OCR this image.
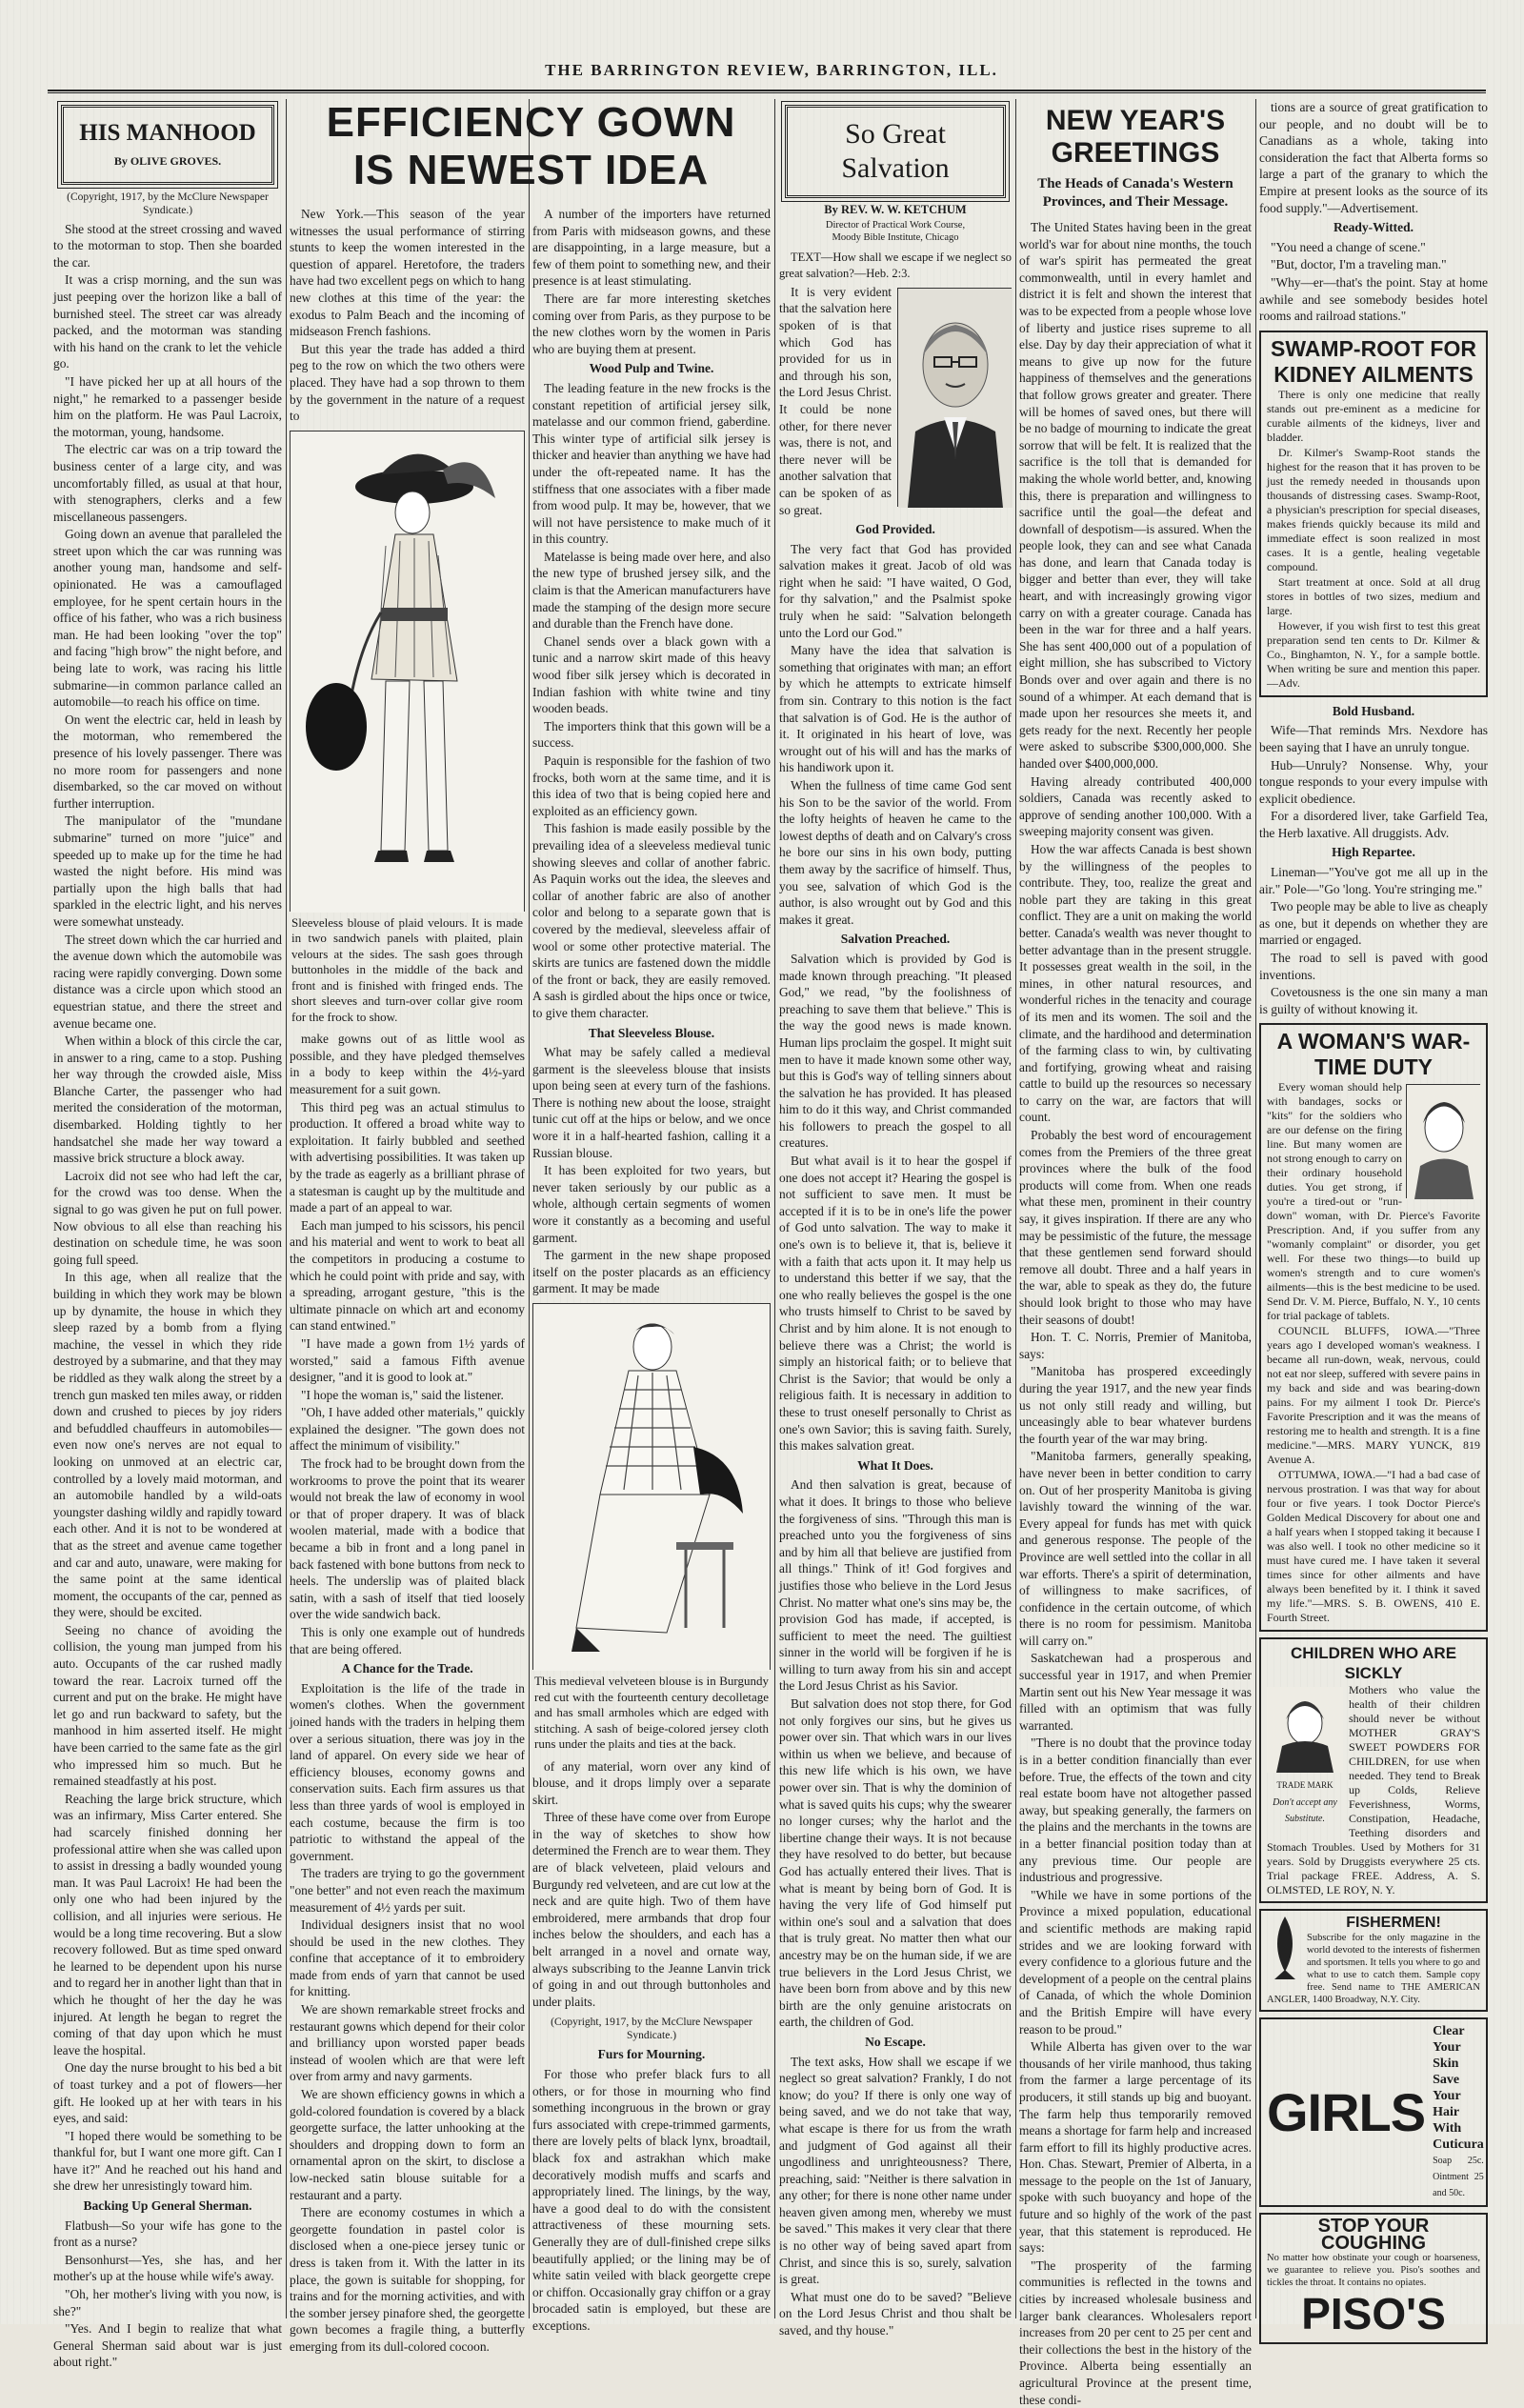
THE BARRINGTON REVIEW, BARRINGTON, ILL.
HIS MANHOOD
By OLIVE GROVES.
(Copyright, 1917, by the McClure Newspaper Syndicate.)

She stood at the street crossing and waved to the motorman to stop. Then she boarded the car.

It was a crisp morning, and the sun was just peeping over the horizon like a ball of burnished steel. The street car was already packed, and the motorman was standing with his hand on the crank to let the vehicle go.

"I have picked her up at all hours of the night," he remarked to a passenger beside him on the platform. He was Paul Lacroix, the motorman, young, handsome.

The electric car was on a trip toward the business center of a large city, and was uncomfortably filled, as usual at that hour, with stenographers, clerks and a few miscellaneous passengers.

Going down an avenue that paralleled the street upon which the car was running was another young man, handsome and self-opinionated. He was a camouflaged employee, for he spent certain hours in the office of his father, who was a rich business man. He had been looking "over the top" and facing "high brow" the night before, and being late to work, was racing his little submarine—in common parlance called an automobile—to reach his office on time.

On went the electric car, held in leash by the motorman, who remembered the presence of his lovely passenger. There was no more room for passengers and none disembarked, so the car moved on without further interruption.

The manipulator of the "mundane submarine" turned on more "juice" and speeded up to make up for the time he had wasted the night before. His mind was partially upon the high balls that had sparkled in the electric light, and his nerves were somewhat unsteady.

The street down which the car hurried and the avenue down which the automobile was racing were rapidly converging. Down some distance was a circle upon which stood an equestrian statue, and there the street and avenue became one.

When within a block of this circle the car, in answer to a ring, came to a stop. Pushing her way through the crowded aisle, Miss Blanche Carter, the passenger who had merited the consideration of the motorman, disembarked. Holding tightly to her handsatchel she made her way toward a massive brick structure a block away.

Lacroix did not see who had left the car, for the crowd was too dense. When the signal to go was given he put on full power. Now obvious to all else than reaching his destination on schedule time, he was soon going full speed.

In this age, when all realize that the building in which they work may be blown up by dynamite, the house in which they sleep razed by a bomb from a flying machine, the vessel in which they ride destroyed by a submarine, and that they may be riddled as they walk along the street by a trench gun masked ten miles away, or ridden down and crushed to pieces by joy riders and befuddled chauffeurs in automobiles—even now one's nerves are not equal to looking on unmoved at an electric car, controlled by a lovely maid motorman, and an automobile handled by a wild-oats youngster dashing wildly and rapidly toward each other. And it is not to be wondered at that as the street and avenue came together and car and auto, unaware, were making for the same point at the same identical moment, the occupants of the car, penned as they were, should be excited.

Seeing no chance of avoiding the collision, the young man jumped from his auto. Occupants of the car rushed madly toward the rear. Lacroix turned off the current and put on the brake. He might have let go and run backward to safety, but the manhood in him asserted itself. He might have been carried to the same fate as the girl who impressed him so much. But he remained steadfastly at his post.

Reaching the large brick structure, which was an infirmary, Miss Carter entered. She had scarcely finished donning her professional attire when she was called upon to assist in dressing a badly wounded young man. It was Paul Lacroix! He had been the only one who had been injured by the collision, and all injuries were serious. He would be a long time recovering. But a slow recovery followed. But as time sped onward he learned to be dependent upon his nurse and to regard her in another light than that in which he thought of her the day he was injured. At length he began to regret the coming of that day upon which he must leave the hospital.

One day the nurse brought to his bed a bit of toast turkey and a pot of flowers—her gift. He looked up at her with tears in his eyes, and said:

"I hoped there would be something to be thankful for, but I want one more gift. Can I have it?" And he reached out his hand and she drew her unresistingly toward him.

Backing Up General Sherman.

Flatbush—So your wife has gone to the front as a nurse?

Bensonhurst—Yes, she has, and her mother's up at the house while wife's away.

"Oh, her mother's living with you now, is she?"

"Yes. And I begin to realize that what General Sherman said about war is just about right."

EFFICIENCY GOWN
IS NEWEST IDEA

New York.—This season of the year witnesses the usual performance of stirring stunts to keep the women interested in the question of apparel. Heretofore, the traders have had two excellent pegs on which to hang new clothes at this time of the year: the exodus to Palm Beach and the incoming of midseason French fashions.

But this year the trade has added a third peg to the row on which the two others were placed. They have had a sop thrown to them by the government in the nature of a request to

Sleeveless blouse of plaid velours. It is made in two sandwich panels with plaited, plain velours at the sides. The sash goes through buttonholes in the middle of the back and front and is finished with fringed ends. The short sleeves and turn-over collar give room for the frock to show.

make gowns out of as little wool as possible, and they have pledged themselves in a body to keep within the 4½-yard measurement for a suit gown.

This third peg was an actual stimulus to production. It offered a broad white way to exploitation. It fairly bubbled and seethed with advertising possibilities. It was taken up by the trade as eagerly as a brilliant phrase of a statesman is caught up by the multitude and made a part of an appeal to war.

Each man jumped to his scissors, his pencil and his material and went to work to beat all the competitors in producing a costume to which he could point with pride and say, with a spreading, arrogant gesture, "this is the ultimate pinnacle on which art and economy can stand entwined."

"I have made a gown from 1½ yards of worsted," said a famous Fifth avenue designer, "and it is good to look at."

"I hope the woman is," said the listener.

"Oh, I have added other materials," quickly explained the designer. "The gown does not affect the minimum of visibility."

The frock had to be brought down from the workrooms to prove the point that its wearer would not break the law of economy in wool or that of proper drapery. It was of black woolen material, made with a bodice that became a bib in front and a long panel in back fastened with bone buttons from neck to heels. The underslip was of plaited black satin, with a sash of itself that tied loosely over the wide sandwich back.

This is only one example out of hundreds that are being offered.

A Chance for the Trade.

Exploitation is the life of the trade in women's clothes. When the government joined hands with the traders in helping them over a serious situation, there was joy in the land of apparel. On every side we hear of efficiency blouses, economy gowns and conservation suits. Each firm assures us that less than three yards of wool is employed in each costume, because the firm is too patriotic to withstand the appeal of the government.

The traders are trying to go the government "one better" and not even reach the maximum measurement of 4½ yards per suit.

Individual designers insist that no wool should be used in the new clothes. They confine that acceptance of it to embroidery made from ends of yarn that cannot be used for knitting.

We are shown remarkable street frocks and restaurant gowns which depend for their color and brilliancy upon worsted paper beads instead of woolen which are that were left over from army and navy garments.

We are shown efficiency gowns in which a gold-colored foundation is covered by a black georgette surface, the latter unhooking at the shoulders and dropping down to form an ornamental apron on the skirt, to disclose a low-necked satin blouse suitable for a restaurant and a party.

There are economy costumes in which a georgette foundation in pastel color is disclosed when a one-piece jersey tunic or dress is taken from it. With the latter in its place, the gown is suitable for shopping, for trains and for the morning activities, and with the somber jersey pinafore shed, the georgette gown becomes a fragile thing, a butterfly emerging from its dull-colored cocoon.

A number of the importers have returned from Paris with midseason gowns, and these are disappointing, in a large measure, but a few of them point to something new, and their presence is at least stimulating.

There are far more interesting sketches coming over from Paris, as they purpose to be the new clothes worn by the women in Paris who are buying them at present.

Wood Pulp and Twine.

The leading feature in the new frocks is the constant repetition of artificial jersey silk, matelasse and our common friend, gaberdine. This winter type of artificial silk jersey is thicker and heavier than anything we have had under the oft-repeated name. It has the stiffness that one associates with a fiber made from wood pulp. It may be, however, that we will not have persistence to make much of it in this country.

Matelasse is being made over here, and also the new type of brushed jersey silk, and the claim is that the American manufacturers have made the stamping of the design more secure and durable than the French have done.

Chanel sends over a black gown with a tunic and a narrow skirt made of this heavy wood fiber silk jersey which is decorated in Indian fashion with white twine and tiny wooden beads.

The importers think that this gown will be a success.

Paquin is responsible for the fashion of two frocks, both worn at the same time, and it is this idea of two that is being copied here and exploited as an efficiency gown.

This fashion is made easily possible by the prevailing idea of a sleeveless medieval tunic showing sleeves and collar of another fabric. As Paquin works out the idea, the sleeves and collar of another fabric are also of another color and belong to a separate gown that is covered by the medieval, sleeveless affair of wool or some other protective material. The skirts are tunics are fastened down the middle of the front or back, they are easily removed. A sash is girdled about the hips once or twice, to give them character.

That Sleeveless Blouse.

What may be safely called a medieval garment is the sleeveless blouse that insists upon being seen at every turn of the fashions. There is nothing new about the loose, straight tunic cut off at the hips or below, and we once wore it in a half-hearted fashion, calling it a Russian blouse.

It has been exploited for two years, but never taken seriously by our public as a whole, although certain segments of women wore it constantly as a becoming and useful garment.

The garment in the new shape proposed itself on the poster placards as an efficiency garment. It may be made

This medieval velveteen blouse is in Burgundy red cut with the fourteenth century decolletage and has small armholes which are edged with stitching. A sash of beige-colored jersey cloth runs under the plaits and ties at the back.

of any material, worn over any kind of blouse, and it drops limply over a separate skirt.

Three of these have come over from Europe in the way of sketches to show how determined the French are to wear them. They are of black velveteen, plaid velours and Burgundy red velveteen, and are cut low at the neck and are quite high. Two of them have embroidered, mere armbands that drop four inches below the shoulders, and each has a belt arranged in a novel and ornate way, always subscribing to the Jeanne Lanvin trick of going in and out through buttonholes and under plaits.

(Copyright, 1917, by the McClure Newspaper Syndicate.)
Furs for Mourning.

For those who prefer black furs to all others, or for those in mourning who find something incongruous in the brown or gray furs associated with crepe-trimmed garments, there are lovely pelts of black lynx, broadtail, black fox and astrakhan which make decoratively modish muffs and scarfs and appropriately lined. The linings, by the way, have a good deal to do with the consistent attractiveness of these mourning sets. Generally they are of dull-finished crepe silks beautifully applied; or the lining may be of white satin veiled with black georgette crepe or chiffon. Occasionally gray chiffon or a gray brocaded satin is employed, but these are exceptions.

So Great
Salvation
By REV. W. W. KETCHUM
Director of Practical Work Course,
Moody Bible Institute, Chicago

TEXT—How shall we escape if we neglect so great salvation?—Heb. 2:3.

It is very evident that the salvation here spoken of is that which God has provided for us in and through his son, the Lord Jesus Christ. It could be none other, for there never was, there is not, and there never will be another salvation that can be spoken of as so great.

God Provided.

The very fact that God has provided salvation makes it great. Jacob of old was right when he said: "I have waited, O God, for thy salvation," and the Psalmist spoke truly when he said: "Salvation belongeth unto the Lord our God."

Many have the idea that salvation is something that originates with man; an effort by which he attempts to extricate himself from sin. Contrary to this notion is the fact that salvation is of God. He is the author of it. It originated in his heart of love, was wrought out of his will and has the marks of his handiwork upon it.

When the fullness of time came God sent his Son to be the savior of the world. From the lofty heights of heaven he came to the lowest depths of death and on Calvary's cross he bore our sins in his own body, putting them away by the sacrifice of himself. Thus, you see, salvation of which God is the author, is also wrought out by God and this makes it great.

Salvation Preached.

Salvation which is provided by God is made known through preaching. "It pleased God," we read, "by the foolishness of preaching to save them that believe." This is the way the good news is made known. Human lips proclaim the gospel. It might suit men to have it made known some other way, but this is God's way of telling sinners about the salvation he has provided. It has pleased him to do it this way, and Christ commanded his followers to preach the gospel to all creatures.

But what avail is it to hear the gospel if one does not accept it? Hearing the gospel is not sufficient to save men. It must be accepted if it is to be in one's life the power of God unto salvation. The way to make it one's own is to believe it, that is, believe it with a faith that acts upon it. It may help us to understand this better if we say, that the one who really believes the gospel is the one who trusts himself to Christ to be saved by Christ and by him alone. It is not enough to believe there was a Christ; the world is simply an historical faith; or to believe that Christ is the Savior; that would be only a religious faith. It is necessary in addition to these to trust oneself personally to Christ as one's own Savior; this is saving faith. Surely, this makes salvation great.

What It Does.

And then salvation is great, because of what it does. It brings to those who believe the forgiveness of sins. "Through this man is preached unto you the forgiveness of sins and by him all that believe are justified from all things." Think of it! God forgives and justifies those who believe in the Lord Jesus Christ. No matter what one's sins may be, the provision God has made, if accepted, is sufficient to meet the need. The guiltiest sinner in the world will be forgiven if he is willing to turn away from his sin and accept the Lord Jesus Christ as his Savior.

But salvation does not stop there, for God not only forgives our sins, but he gives us power over sin. That which wars in our lives within us when we believe, and because of this new life which is his own, we have power over sin. That is why the dominion of what is saved quits his cups; why the swearer no longer curses; why the harlot and the libertine change their ways. It is not because they have resolved to do better, but because God has actually entered their lives. That is what is meant by being born of God. It is having the very life of God himself put within one's soul and a salvation that does that is truly great. No matter then what our ancestry may be on the human side, if we are true believers in the Lord Jesus Christ, we have been born from above and by this new birth are the only genuine aristocrats on earth, the children of God.

No Escape.

The text asks, How shall we escape if we neglect so great salvation? Frankly, I do not know; do you? If there is only one way of being saved, and we do not take that way, what escape is there for us from the wrath and judgment of God against all their ungodliness and unrighteousness? There, preaching, said: "Neither is there salvation in any other; for there is none other name under heaven given among men, whereby we must be saved." This makes it very clear that there is no other way of being saved apart from Christ, and since this is so, surely, salvation is great.

What must one do to be saved? "Believe on the Lord Jesus Christ and thou shalt be saved, and thy house."

NEW YEAR'S GREETINGS
The Heads of Canada's Western Provinces, and Their Message.

The United States having been in the great world's war for about nine months, the touch of war's spirit has permeated the great commonwealth, until in every hamlet and district it is felt and shown the interest that was to be expected from a people whose love of liberty and justice rises supreme to all else. Day by day their appreciation of what it means to give up now for the future happiness of themselves and the generations that follow grows greater and greater. There will be homes of saved ones, but there will be no badge of mourning to indicate the great sorrow that will be felt. It is realized that the sacrifice is the toll that is demanded for making the whole world better, and, knowing this, there is preparation and willingness to sacrifice until the goal—the defeat and downfall of despotism—is assured. When the people look, they can and see what Canada has done, and learn that Canada today is bigger and better than ever, they will take heart, and with increasingly growing vigor carry on with a greater courage. Canada has been in the war for three and a half years. She has sent 400,000 out of a population of eight million, she has subscribed to Victory Bonds over and over again and there is no sound of a whimper. At each demand that is made upon her resources she meets it, and gets ready for the next. Recently her people were asked to subscribe $300,000,000. She handed over $400,000,000.

Having already contributed 400,000 soldiers, Canada was recently asked to approve of sending another 100,000. With a sweeping majority consent was given.

How the war affects Canada is best shown by the willingness of the peoples to contribute. They, too, realize the great and noble part they are taking in this great conflict. They are a unit on making the world better. Canada's wealth was never thought to better advantage than in the present struggle. It possesses great wealth in the soil, in the mines, in other natural resources, and wonderful riches in the tenacity and courage of its men and its women. The soil and the climate, and the hardihood and determination of the farming class to win, by cultivating and fortifying, growing wheat and raising cattle to build up the resources so necessary to carry on the war, are factors that will count.

Probably the best word of encouragement comes from the Premiers of the three great provinces where the bulk of the food products will come from. When one reads what these men, prominent in their country say, it gives inspiration. If there are any who may be pessimistic of the future, the message that these gentlemen send forward should remove all doubt. Three and a half years in the war, able to speak as they do, the future should look bright to those who may have their seasons of doubt!

Hon. T. C. Norris, Premier of Manitoba, says:

"Manitoba has prospered exceedingly during the year 1917, and the new year finds us not only still ready and willing, but unceasingly able to bear whatever burdens the fourth year of the war may bring.

"Manitoba farmers, generally speaking, have never been in better condition to carry on. Out of her prosperity Manitoba is giving lavishly toward the winning of the war. Every appeal for funds has met with quick and generous response. The people of the Province are well settled into the collar in all war efforts. There's a spirit of determination, of willingness to make sacrifices, of confidence in the certain outcome, of which there is no room for pessimism. Manitoba will carry on."

Saskatchewan had a prosperous and successful year in 1917, and when Premier Martin sent out his New Year message it was filled with an optimism that was fully warranted.

"There is no doubt that the province today is in a better condition financially than ever before. True, the effects of the town and city real estate boom have not altogether passed away, but speaking generally, the farmers on the plains and the merchants in the towns are in a better financial position today than at any previous time. Our people are industrious and progressive.

"While we have in some portions of the Province a mixed population, educational and scientific methods are making rapid strides and we are looking forward with every confidence to a glorious future and the development of a people on the central plains of Canada, of which the whole Dominion and the British Empire will have every reason to be proud."

While Alberta has given over to the war thousands of her virile manhood, thus taking from the farmer a large percentage of its producers, it still stands up big and buoyant. The farm help thus temporarily removed means a shortage for farm help and increased farm effort to fill its highly productive acres. Hon. Chas. Stewart, Premier of Alberta, in a message to the people on the 1st of January, spoke with such buoyancy and hope of the future and so highly of the work of the past year, that this statement is reproduced. He says:

"The prosperity of the farming communities is reflected in the towns and cities by increased wholesale business and larger bank clearances. Wholesalers report increases from 20 per cent to 25 per cent and their collections the best in the history of the Province. Alberta being essentially an agricultural Province at the present time, these condi-

tions are a source of great gratification to our people, and no doubt will be to Canadians as a whole, taking into consideration the fact that Alberta forms so large a part of the granary to which the Empire at present looks as the source of its food supply."—Advertisement.

Ready-Witted.

"You need a change of scene."

"But, doctor, I'm a traveling man."

"Why—er—that's the point. Stay at home awhile and see somebody besides hotel rooms and railroad stations."

SWAMP-ROOT FOR KIDNEY AILMENTS

There is only one medicine that really stands out pre-eminent as a medicine for curable ailments of the kidneys, liver and bladder.

Dr. Kilmer's Swamp-Root stands the highest for the reason that it has proven to be just the remedy needed in thousands upon thousands of distressing cases. Swamp-Root, a physician's prescription for special diseases, makes friends quickly because its mild and immediate effect is soon realized in most cases. It is a gentle, healing vegetable compound.

Start treatment at once. Sold at all drug stores in bottles of two sizes, medium and large.

However, if you wish first to test this great preparation send ten cents to Dr. Kilmer & Co., Binghamton, N. Y., for a sample bottle. When writing be sure and mention this paper.—Adv.

Bold Husband.

Wife—That reminds Mrs. Nexdore has been saying that I have an unruly tongue.

Hub—Unruly? Nonsense. Why, your tongue responds to your every impulse with explicit obedience.

For a disordered liver, take Garfield Tea, the Herb laxative. All druggists. Adv.

High Repartee.

Lineman—"You've got me all up in the air." Pole—"Go 'long. You're stringing me."

Two people may be able to live as cheaply as one, but it depends on whether they are married or engaged.

The road to sell is paved with good inventions.

Covetousness is the one sin many a man is guilty of without knowing it.

A WOMAN'S WAR-TIME DUTY

Every woman should help with bandages, socks or "kits" for the soldiers who are our defense on the firing line. But many women are not strong enough to carry on their ordinary household duties. You get strong, if you're a tired-out or "run-down" woman, with Dr. Pierce's Favorite Prescription. And, if you suffer from any "womanly complaint" or disorder, you get well. For these two things—to build up women's strength and to cure women's ailments—this is the best medicine to be used. Send Dr. V. M. Pierce, Buffalo, N. Y., 10 cents for trial package of tablets.

COUNCIL BLUFFS, IOWA.—"Three years ago I developed woman's weakness. I became all run-down, weak, nervous, could not eat nor sleep, suffered with severe pains in my back and side and was bearing-down pains. For my ailment I took Dr. Pierce's Favorite Prescription and it was the means of restoring me to health and strength. It is a fine medicine."—MRS. MARY YUNCK, 819 Avenue A.

OTTUMWA, IOWA.—"I had a bad case of nervous prostration. I was that way for about four or five years. I took Doctor Pierce's Golden Medical Discovery for about one and a half years when I stopped taking it because I was also well. I took no other medicine so it must have cured me. I have taken it several times since for other ailments and have always been benefited by it. I think it saved my life."—MRS. S. B. OWENS, 410 E. Fourth Street.

CHILDREN WHO ARE SICKLY
TRADE MARK
Don't accept any Substitute.
Mothers who value the health of their children should never be without MOTHER GRAY'S SWEET POWDERS FOR CHILDREN, for use when needed. They tend to Break up Colds, Relieve Feverishness, Worms, Constipation, Headache, Teething disorders and Stomach Troubles. Used by Mothers for 31 years. Sold by Druggists everywhere 25 cts. Trial package FREE. Address, A. S. OLMSTED, LE ROY, N. Y.
FISHERMEN!
Subscribe for the only magazine in the world devoted to the interests of fishermen and sportsmen. It tells you where to go and what to use to catch them. Sample copy free. Send name to THE AMERICAN ANGLER, 1400 Broadway, N.Y. City.
GIRLS
Clear Your Skin
Save Your Hair
With Cuticura
Soap 25c. Ointment 25 and 50c.
STOP YOUR COUGHING
No matter how obstinate your cough or hoarseness, we guarantee to relieve you. Piso's soothes and tickles the throat. It contains no opiates.
PISO'S
